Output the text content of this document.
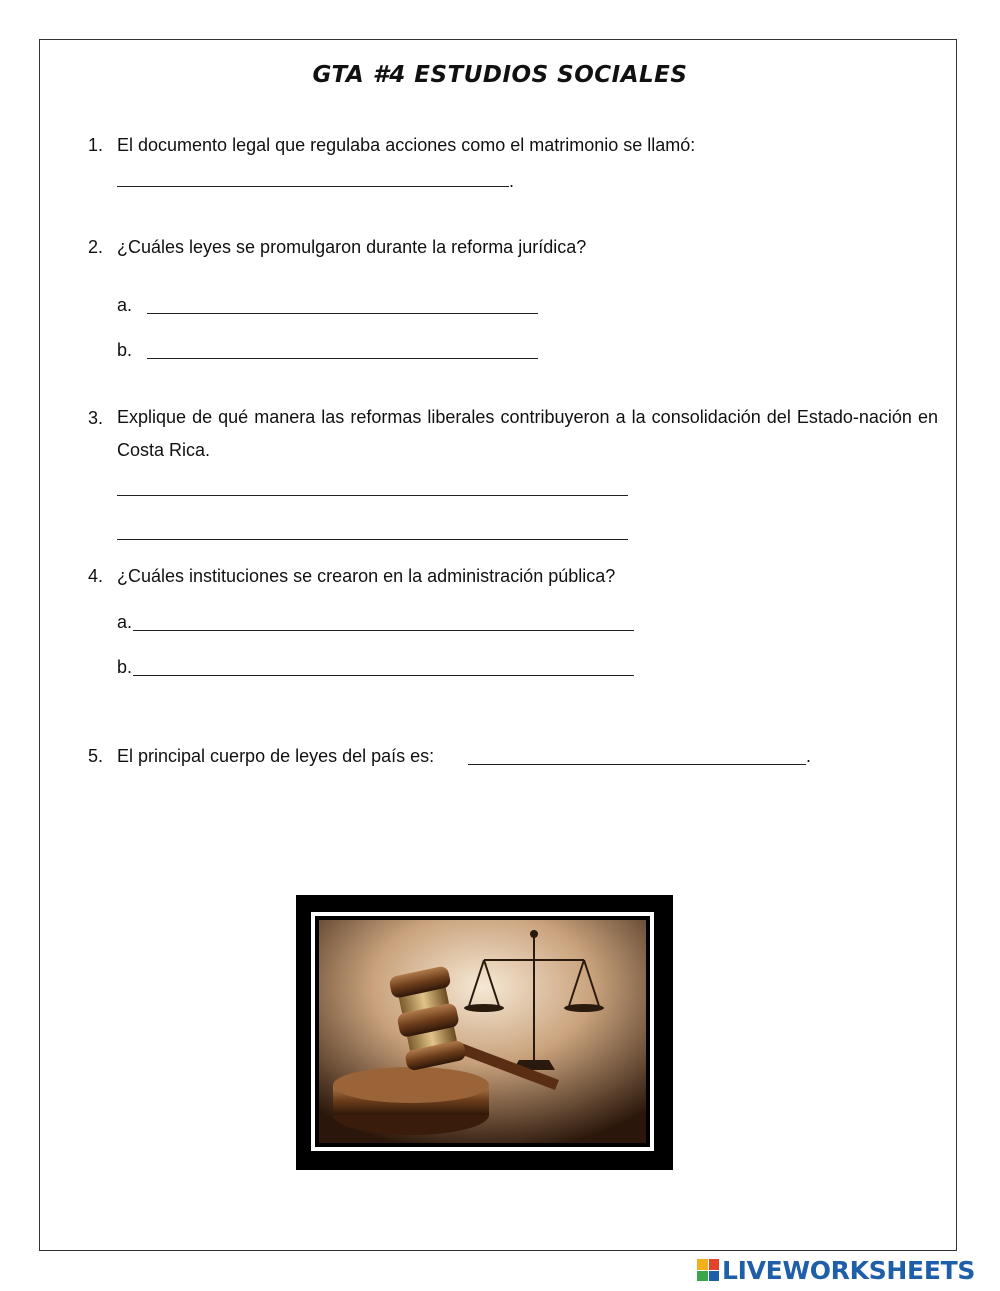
GTA #4 ESTUDIOS SOCIALES
1. El documento legal que regulaba acciones como el matrimonio se llamó:
.
2. ¿Cuáles leyes se promulgaron durante la reforma jurídica?
a.
b.
3. Explique de qué manera las reformas liberales contribuyeron a la consolidación del Estado-nación en Costa Rica.
4. ¿Cuáles instituciones se crearon en la administración pública?
a.
b.
5. El principal cuerpo de leyes del país es:	.
LIVEWORKSHEETS
